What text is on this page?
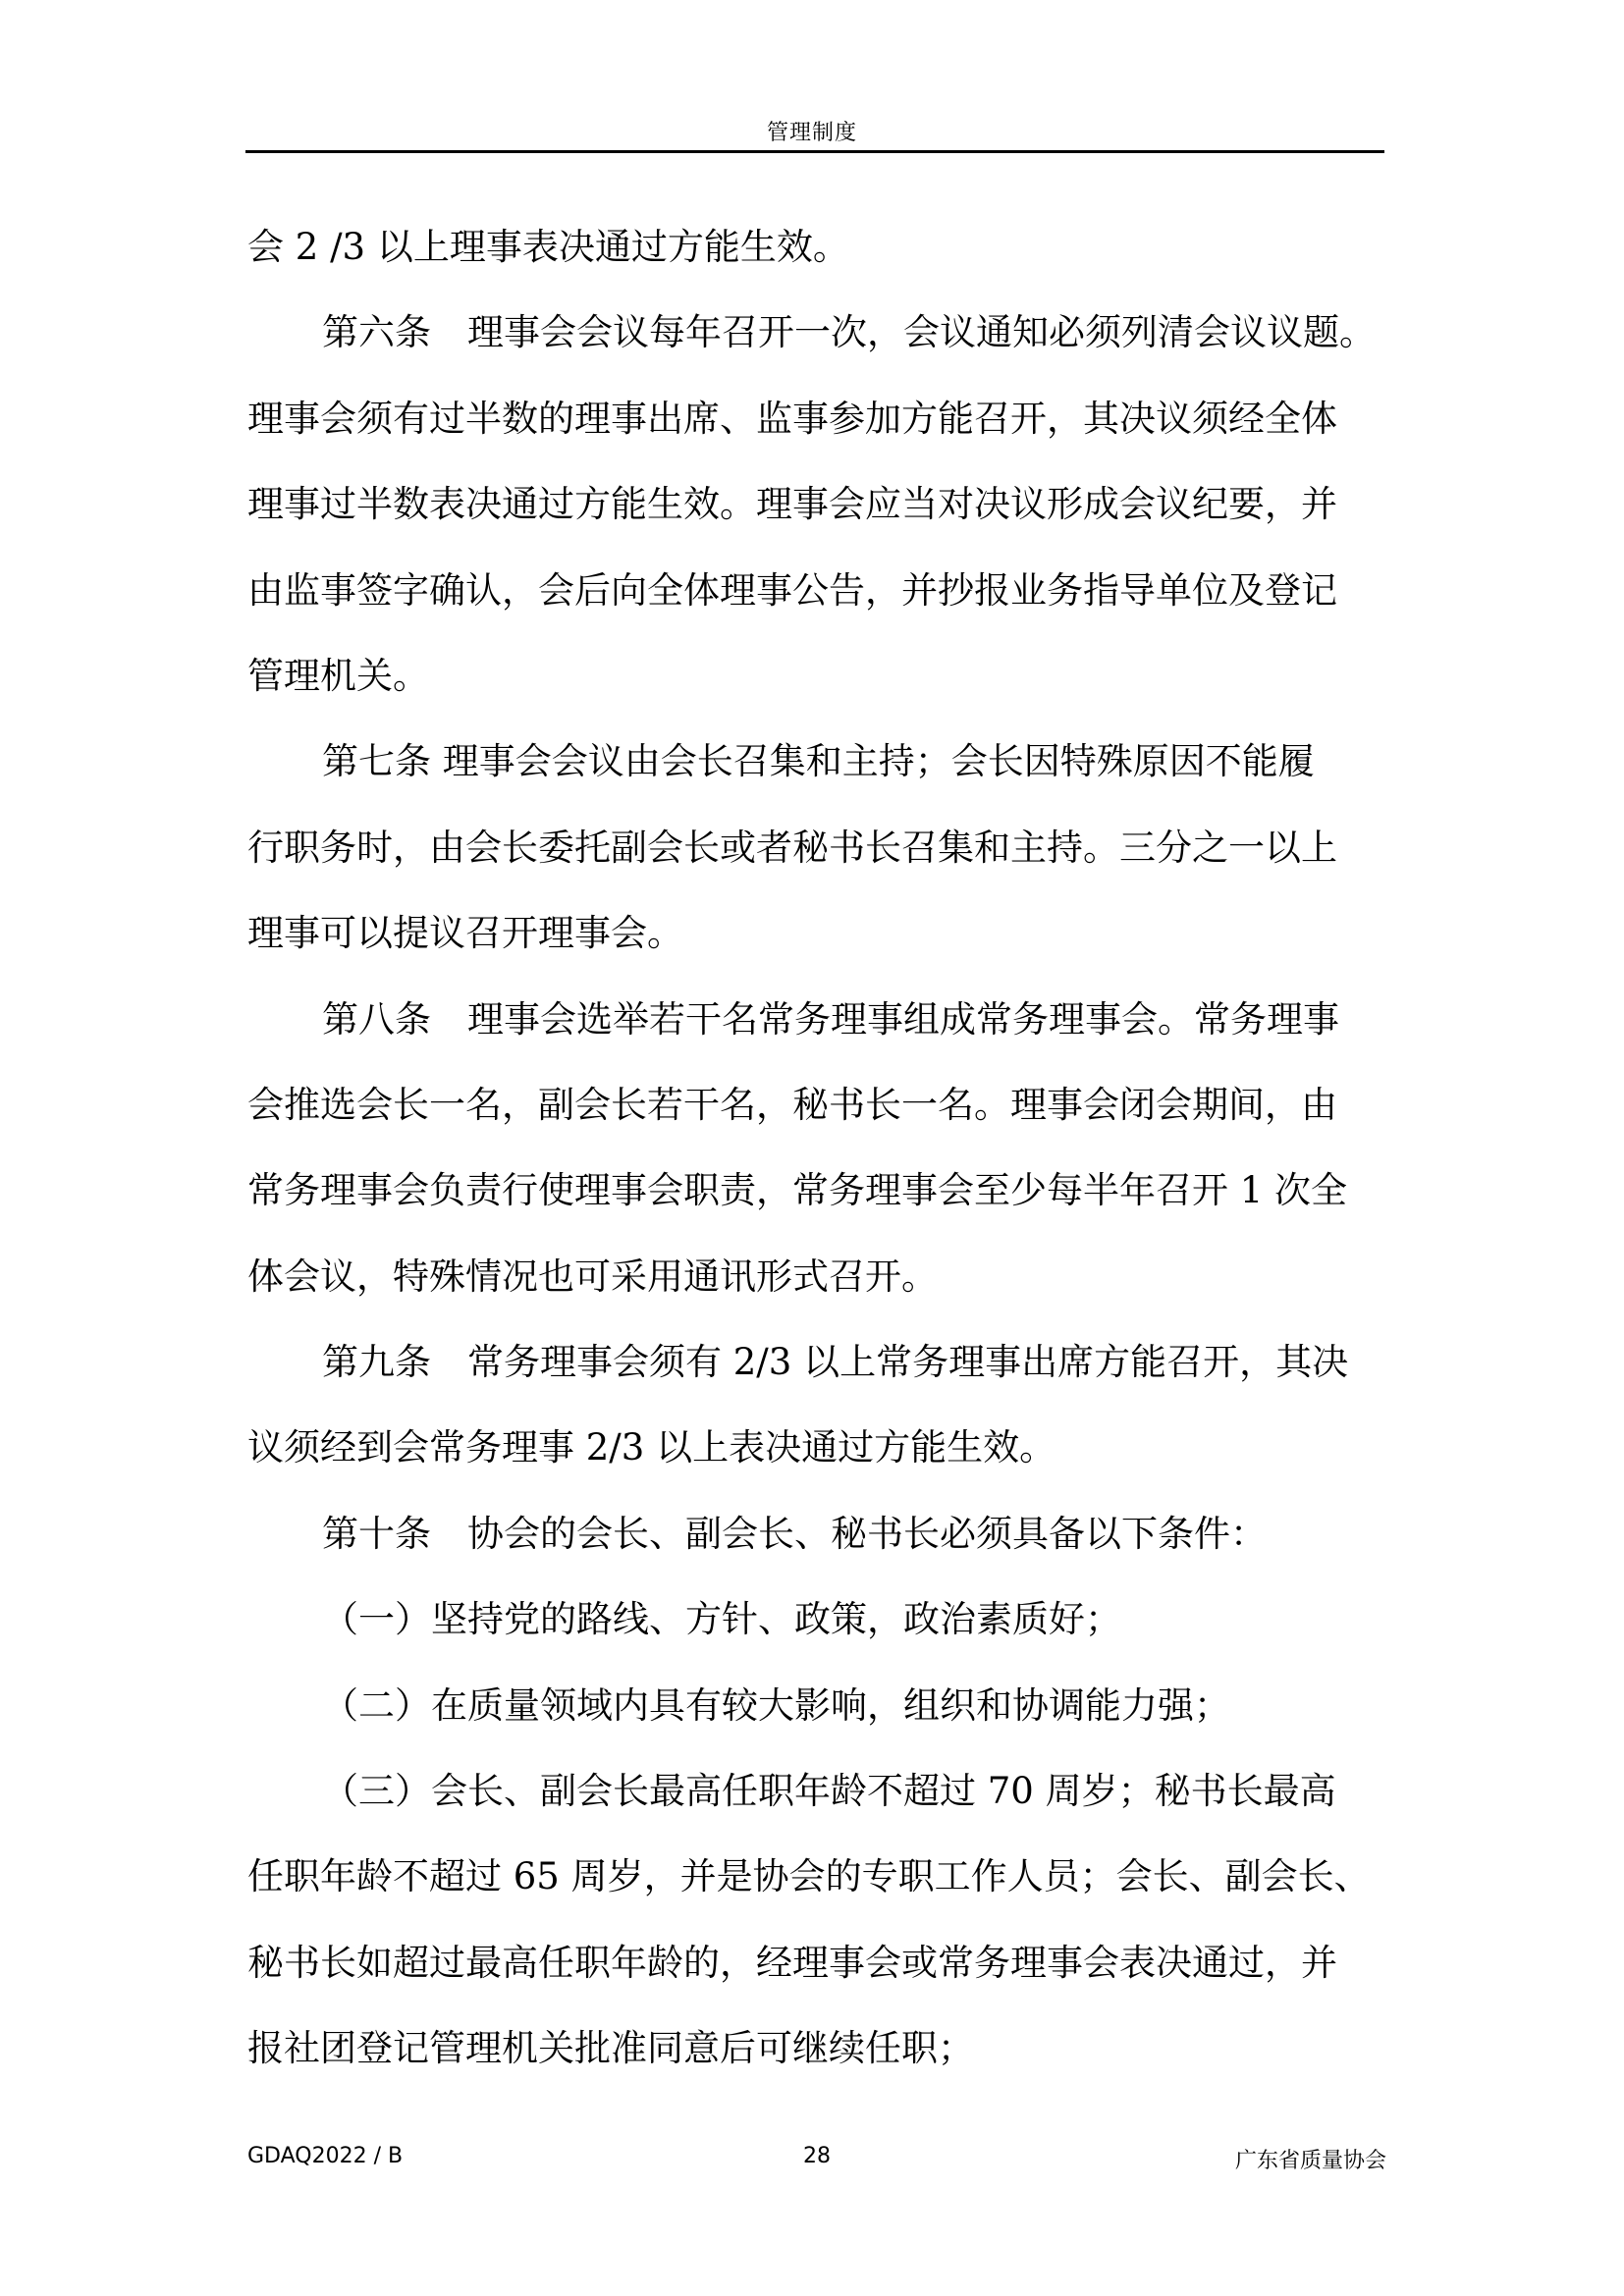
管理制度
会 2 /3 以上理事表决通过方能生效。
第六条　理事会会议每年召开一次，会议通知必须列清会议议题。
理事会须有过半数的理事出席、监事参加方能召开，其决议须经全体
理事过半数表决通过方能生效。理事会应当对决议形成会议纪要，并
由监事签字确认，会后向全体理事公告，并抄报业务指导单位及登记
管理机关。
第七条 理事会会议由会长召集和主持；会长因特殊原因不能履
行职务时，由会长委托副会长或者秘书长召集和主持。三分之一以上
理事可以提议召开理事会。
第八条　理事会选举若干名常务理事组成常务理事会。常务理事
会推选会长一名，副会长若干名，秘书长一名。理事会闭会期间，由
常务理事会负责行使理事会职责，常务理事会至少每半年召开 1 次全
体会议，特殊情况也可采用通讯形式召开。
第九条　常务理事会须有 2/3 以上常务理事出席方能召开，其决
议须经到会常务理事 2/3 以上表决通过方能生效。
第十条　协会的会长、副会长、秘书长必须具备以下条件：
（一）坚持党的路线、方针、政策，政治素质好；
（二）在质量领域内具有较大影响，组织和协调能力强；
（三）会长、副会长最高任职年龄不超过 70 周岁；秘书长最高
任职年龄不超过 65 周岁，并是协会的专职工作人员；会长、副会长、
秘书长如超过最高任职年龄的，经理事会或常务理事会表决通过，并
报社团登记管理机关批准同意后可继续任职；
GDAQ2022 / B	28	广东省质量协会
